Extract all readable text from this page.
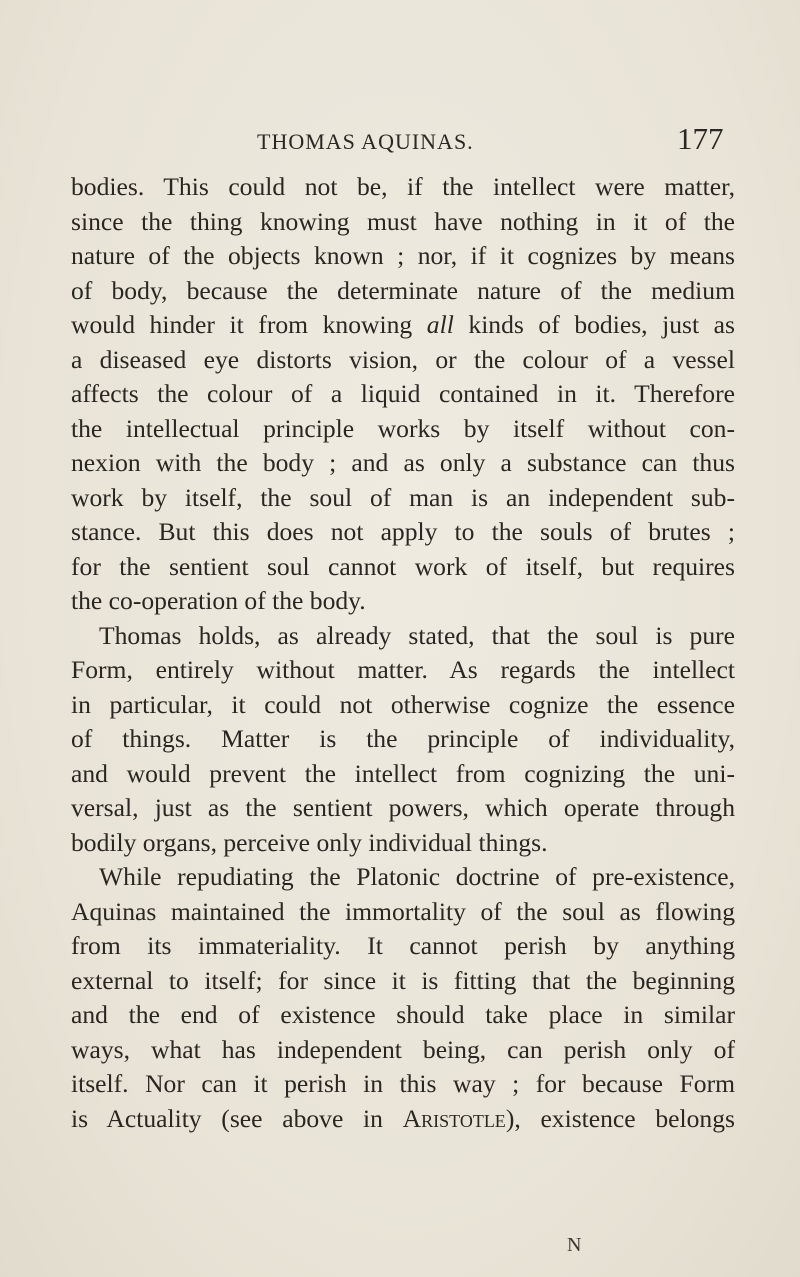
THOMAS AQUINAS.	177
bodies. This could not be, if the intellect were matter,
since the thing knowing must have nothing in it of the
nature of the objects known ; nor, if it cognizes by means
of body, because the determinate nature of the medium
would hinder it from knowing all kinds of bodies, just as
a diseased eye distorts vision, or the colour of a vessel
affects the colour of a liquid contained in it. Therefore
the intellectual principle works by itself without con-
nexion with the body ; and as only a substance can thus
work by itself, the soul of man is an independent sub-
stance. But this does not apply to the souls of brutes ;
for the sentient soul cannot work of itself, but requires
the co-operation of the body.
Thomas holds, as already stated, that the soul is pure
Form, entirely without matter. As regards the intellect
in particular, it could not otherwise cognize the essence
of things. Matter is the principle of individuality,
and would prevent the intellect from cognizing the uni-
versal, just as the sentient powers, which operate through
bodily organs, perceive only individual things.
While repudiating the Platonic doctrine of pre-existence,
Aquinas maintained the immortality of the soul as flowing
from its immateriality. It cannot perish by anything
external to itself; for since it is fitting that the beginning
and the end of existence should take place in similar
ways, what has independent being, can perish only of
itself. Nor can it perish in this way ; for because Form
is Actuality (see above in Aristotle), existence belongs
N
